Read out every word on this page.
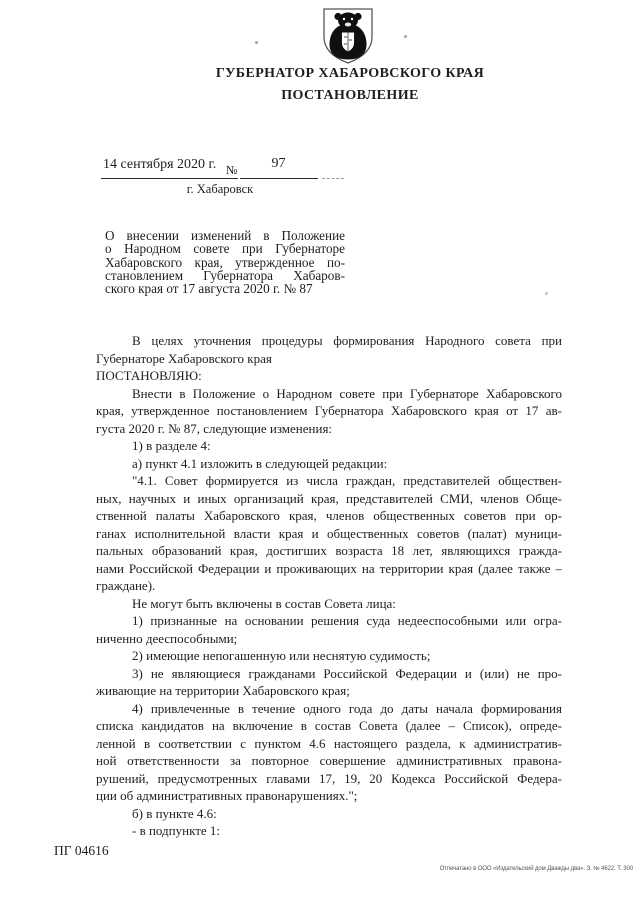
ГУБЕРНАТОР ХАБАРОВСКОГО КРАЯ
ПОСТАНОВЛЕНИЕ
14 сентября 2020 г. №	97
г. Хабаровск
О внесении изменений в Положение
о Народном совете при Губернаторе
Хабаровского края, утвержденное по-
становлением Губернатора Хабаров-
ского края от 17 августа 2020 г. № 87
В целях уточнения процедуры формирования Народного совета при
Губернаторе Хабаровского края
ПОСТАНОВЛЯЮ:
Внести в Положение о Народном совете при Губернаторе Хабаровского
края, утвержденное постановлением Губернатора Хабаровского края от 17 ав-
густа 2020 г. № 87, следующие изменения:
1) в разделе 4:
а) пункт 4.1 изложить в следующей редакции:
"4.1. Совет формируется из числа граждан, представителей обществен-
ных, научных и иных организаций края, представителей СМИ, членов Обще-
ственной палаты Хабаровского края, членов общественных советов при ор-
ганах исполнительной власти края и общественных советов (палат) муници-
пальных образований края, достигших возраста 18 лет, являющихся гражда-
нами Российской Федерации и проживающих на территории края (далее также –
граждане).
Не могут быть включены в состав Совета лица:
1) признанные на основании решения суда недееспособными или огра-
ниченно дееспособными;
2) имеющие непогашенную или неснятую судимость;
3) не являющиеся гражданами Российской Федерации и (или) не про-
живающие на территории Хабаровского края;
4) привлеченные в течение одного года до даты начала формирования
списка кандидатов на включение в состав Совета (далее – Список), опреде-
ленной в соответствии с пунктом 4.6 настоящего раздела, к административ-
ной ответственности за повторное совершение административных правона-
рушений, предусмотренных главами 17, 19, 20 Кодекса Российской Федера-
ции об административных правонарушениях.";
б) в пункте 4.6:
- в подпункте 1:
ПГ 04616
Отпечатано в ООО «Издательский дом Дважды два». З. № 4622. Т. 300
